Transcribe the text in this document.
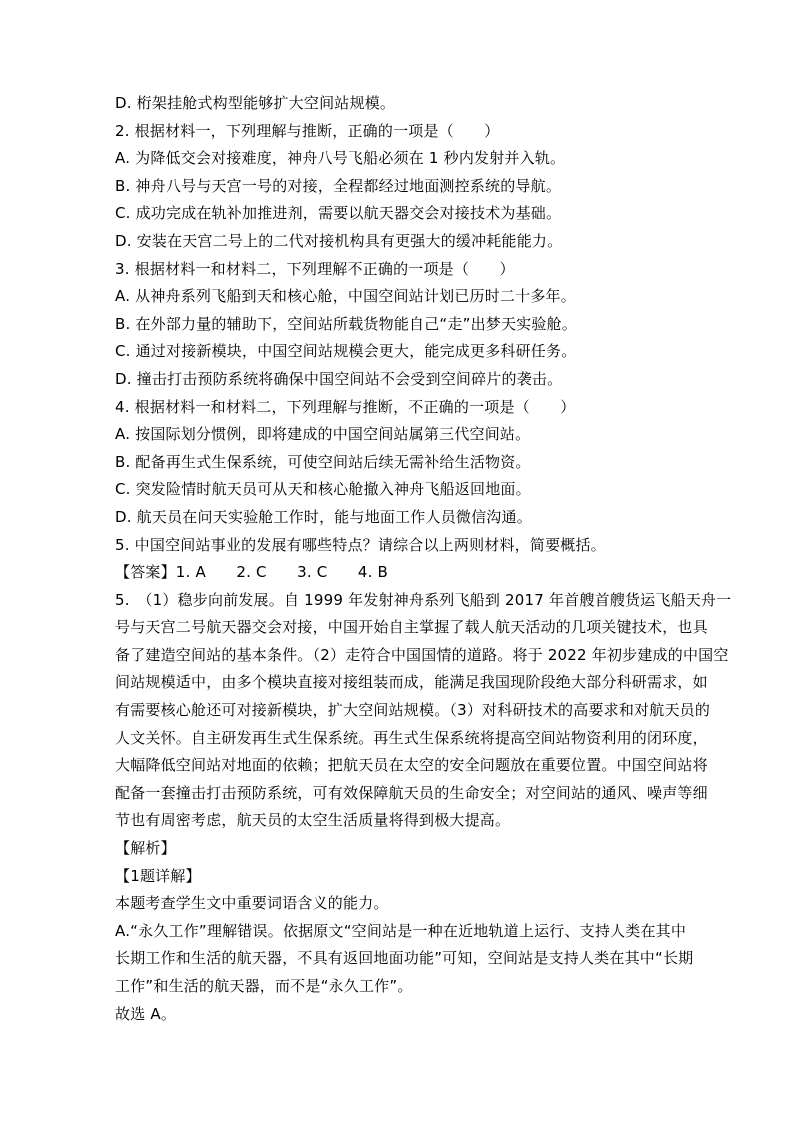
D. 桁架挂舱式构型能够扩大空间站规模。

2. 根据材料一，下列理解与推断，正确的一项是（　　）

A. 为降低交会对接难度，神舟八号飞船必须在 1 秒内发射并入轨。

B. 神舟八号与天宫一号的对接，全程都经过地面测控系统的导航。

C. 成功完成在轨补加推进剂，需要以航天器交会对接技术为基础。

D. 安装在天宫二号上的二代对接机构具有更强大的缓冲耗能能力。

3. 根据材料一和材料二，下列理解不正确的一项是（　　）

A. 从神舟系列飞船到天和核心舱，中国空间站计划已历时二十多年。

B. 在外部力量的辅助下，空间站所载货物能自己“走”出梦天实验舱。

C. 通过对接新模块，中国空间站规模会更大，能完成更多科研任务。

D. 撞击打击预防系统将确保中国空间站不会受到空间碎片的袭击。

4. 根据材料一和材料二，下列理解与推断，不正确的一项是（　　）

A. 按国际划分惯例，即将建成的中国空间站属第三代空间站。

B. 配备再生式生保系统，可使空间站后续无需补给生活物资。

C. 突发险情时航天员可从天和核心舱撤入神舟飞船返回地面。

D. 航天员在问天实验舱工作时，能与地面工作人员微信沟通。

5. 中国空间站事业的发展有哪些特点？请综合以上两则材料，简要概括。

【答案】1. A　　2. C　　3. C　　4. B

5.　（1）稳步向前发展。自 1999 年发射神舟系列飞船到 2017 年首艘首艘货运飞船天舟一

号与天宫二号航天器交会对接，中国开始自主掌握了载人航天活动的几项关键技术，也具

备了建造空间站的基本条件。（2）走符合中国国情的道路。将于 2022 年初步建成的中国空

间站规模适中，由多个模块直接对接组装而成，能满足我国现阶段绝大部分科研需求，如

有需要核心舱还可对接新模块，扩大空间站规模。（3）对科研技术的高要求和对航天员的

人文关怀。自主研发再生式生保系统。再生式生保系统将提高空间站物资利用的闭环度，

大幅降低空间站对地面的依赖；把航天员在太空的安全问题放在重要位置。中国空间站将

配备一套撞击打击预防系统，可有效保障航天员的生命安全；对空间站的通风、噪声等细

节也有周密考虑，航天员的太空生活质量将得到极大提高。

【解析】

【1题详解】

本题考查学生文中重要词语含义的能力。

A.“永久工作”理解错误。依据原文“空间站是一种在近地轨道上运行、支持人类在其中

长期工作和生活的航天器，不具有返回地面功能”可知，空间站是支持人类在其中“长期

工作”和生活的航天器，而不是“永久工作”。

故选 A。
